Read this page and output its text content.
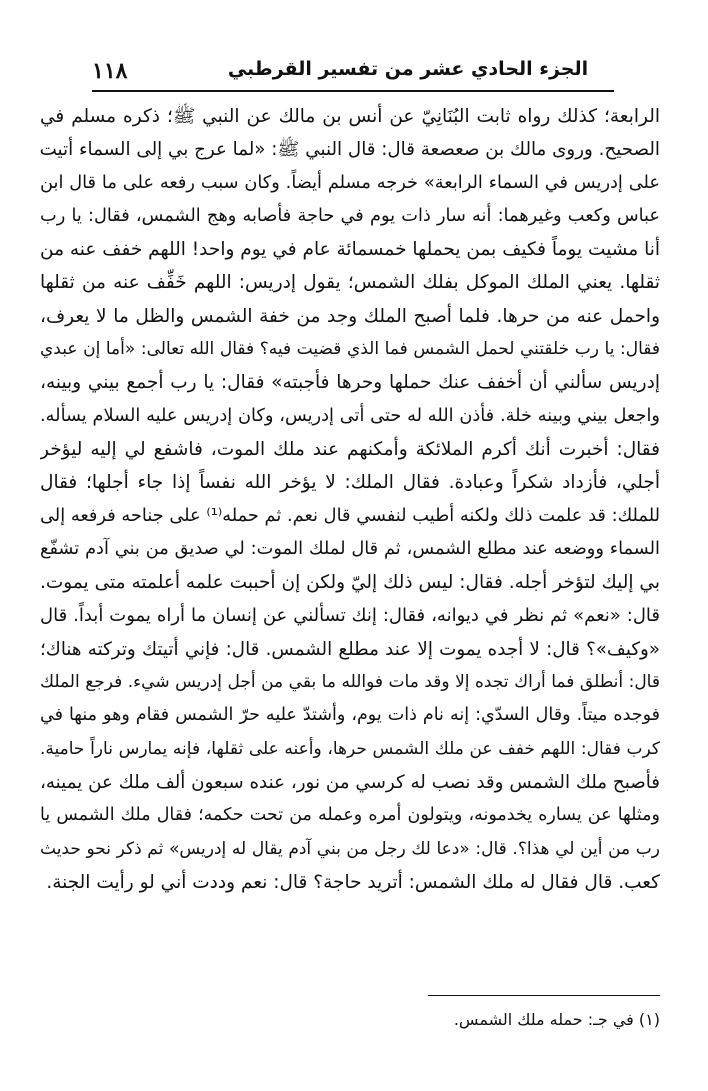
١١٨	الجزء الحادي عشر من تفسير القرطبي
الرابعة؛ كذلك رواه ثابت البُنَانِيّ عن أنس بن مالك عن النبي ﷺ؛ ذكره مسلم في
الصحيح. وروى مالك بن صعصعة قال: قال النبي ﷺ: «لما عرج بي إلى السماء أتيت
على إدريس في السماء الرابعة» خرجه مسلم أيضاً. وكان سبب رفعه على ما قال ابن
عباس وكعب وغيرهما: أنه سار ذات يوم في حاجة فأصابه وهج الشمس، فقال: يا رب
أنا مشيت يوماً فكيف بمن يحملها خمسمائة عام في يوم واحد! اللهم خفف عنه من
ثقلها. يعني الملك الموكل بفلك الشمس؛ يقول إدريس: اللهم خَفِّف عنه من ثقلها
واحمل عنه من حرها. فلما أصبح الملك وجد من خفة الشمس والظل ما لا يعرف،
فقال: يا رب خلقتني لحمل الشمس فما الذي قضيت فيه؟ فقال الله تعالى: «أما إن عبدي
إدريس سألني أن أخفف عنك حملها وحرها فأجبته» فقال: يا رب أجمع بيني وبينه،
واجعل بيني وبينه خلة. فأذن الله له حتى أتى إدريس، وكان إدريس عليه السلام يسأله.
فقال: أخبرت أنك أكرم الملائكة وأمكنهم عند ملك الموت، فاشفع لي إليه ليؤخر
أجلي، فأزداد شكراً وعبادة. فقال الملك: لا يؤخر الله نفساً إذا جاء أجلها؛ فقال
للملك: قد علمت ذلك ولكنه أطيب لنفسي قال نعم. ثم حمله⁽¹⁾ على جناحه فرفعه إلى
السماء ووضعه عند مطلع الشمس، ثم قال لملك الموت: لي صديق من بني آدم تشفّع
بي إليك لتؤخر أجله. فقال: ليس ذلك إليّ ولكن إن أحببت علمه أعلمته متى يموت.
قال: «نعم» ثم نظر في ديوانه، فقال: إنك تسألني عن إنسان ما أراه يموت أبداً. قال
«وكيف»؟ قال: لا أجده يموت إلا عند مطلع الشمس. قال: فإني أتيتك وتركته هناك؛
قال: أنطلق فما أراك تجده إلا وقد مات فوالله ما بقي من أجل إدريس شيء. فرجع الملك
فوجده ميتاً. وقال السدّي: إنه نام ذات يوم، وأشتدّ عليه حرّ الشمس فقام وهو منها في
كرب فقال: اللهم خفف عن ملك الشمس حرها، وأعنه على ثقلها، فإنه يمارس ناراً حامية.
فأصبح ملك الشمس وقد نصب له كرسي من نور، عنده سبعون ألف ملك عن يمينه،
ومثلها عن يساره يخدمونه، ويتولون أمره وعمله من تحت حكمه؛ فقال ملك الشمس يا
رب من أين لي هذا؟. قال: «دعا لك رجل من بني آدم يقال له إدريس» ثم ذكر نحو حديث
كعب. قال فقال له ملك الشمس: أتريد حاجة؟ قال: نعم وددت أني لو رأيت الجنة.
(١) في جـ: حمله ملك الشمس.
